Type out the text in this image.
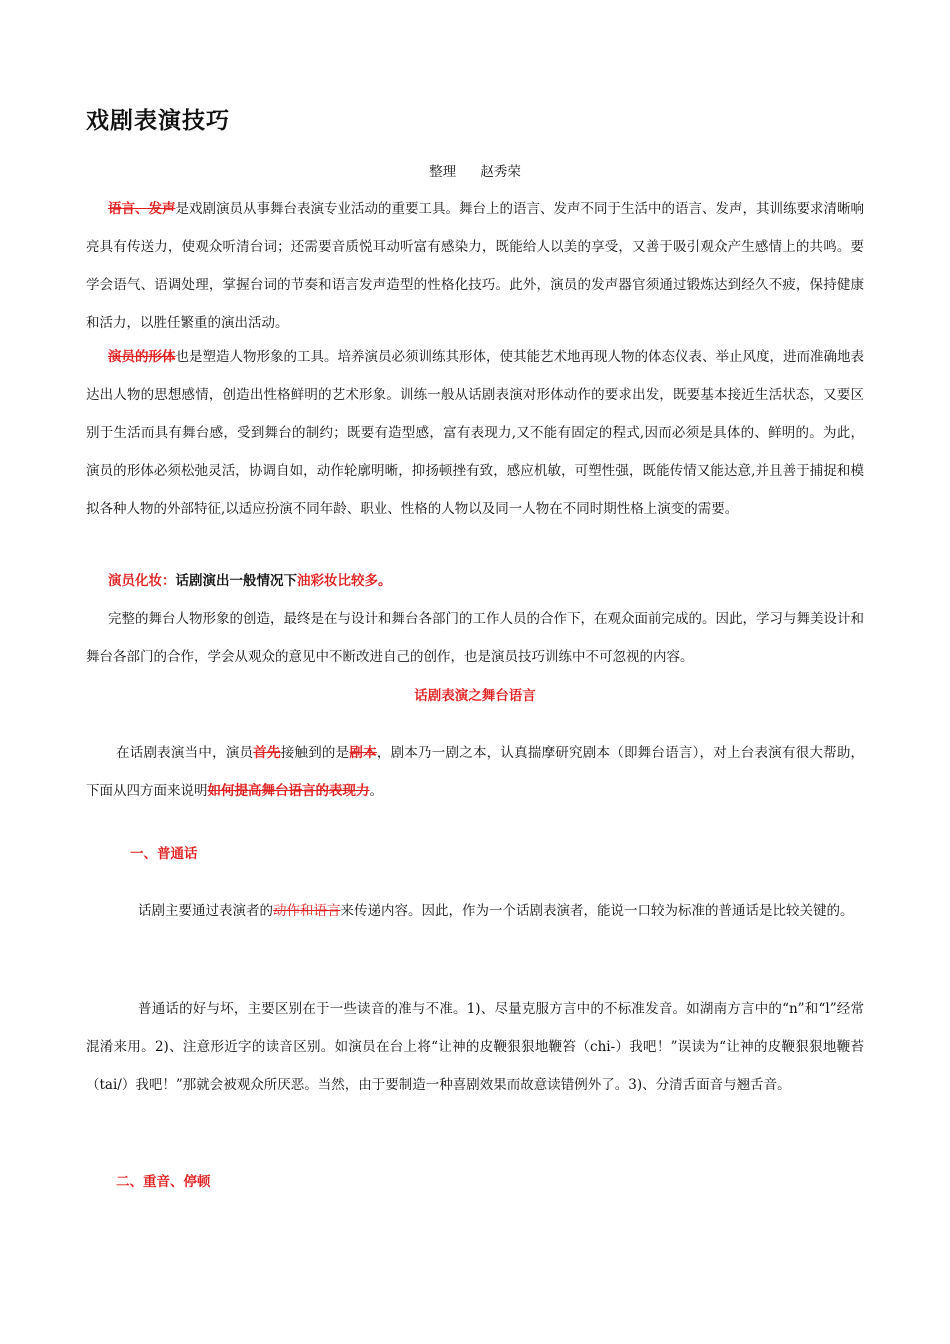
戏剧表演技巧
整理 赵秀荣
语言、发声是戏剧演员从事舞台表演专业活动的重要工具。舞台上的语言、发声不同于生活中的语言、发声，其训练要求清晰响亮具有传送力，使观众听清台词；还需要音质悦耳动听富有感染力，既能给人以美的享受，又善于吸引观众产生感情上的共鸣。要学会语气、语调处理，掌握台词的节奏和语言发声造型的性格化技巧。此外，演员的发声器官须通过锻炼达到经久不疲，保持健康和活力，以胜任繁重的演出活动。
演员的形体也是塑造人物形象的工具。培养演员必须训练其形体，使其能艺术地再现人物的体态仪表、举止风度，进而准确地表达出人物的思想感情，创造出性格鲜明的艺术形象。训练一般从话剧表演对形体动作的要求出发，既要基本接近生活状态，又要区别于生活而具有舞台感，受到舞台的制约；既要有造型感，富有表现力,又不能有固定的程式,因而必须是具体的、鲜明的。为此，演员的形体必须松弛灵活，协调自如，动作轮廓明晰，抑扬顿挫有致，感应机敏，可塑性强，既能传情又能达意,并且善于捕捉和模拟各种人物的外部特征,以适应扮演不同年龄、职业、性格的人物以及同一人物在不同时期性格上演变的需要。
演员化妆：话剧演出一般情况下油彩妆比较多。
完整的舞台人物形象的创造，最终是在与设计和舞台各部门的工作人员的合作下，在观众面前完成的。因此，学习与舞美设计和舞台各部门的合作，学会从观众的意见中不断改进自己的创作，也是演员技巧训练中不可忽视的内容。
话剧表演之舞台语言
在话剧表演当中，演员首先接触到的是剧本，剧本乃一剧之本，认真揣摩研究剧本（即舞台语言），对上台表演有很大帮助，下面从四方面来说明如何提高舞台语言的表现力。
一、普通话
话剧主要通过表演者的动作和语言来传递内容。因此，作为一个话剧表演者，能说一口较为标准的普通话是比较关键的。
普通话的好与坏，主要区别在于一些读音的准与不准。1)、尽量克服方言中的不标准发音。如湖南方言中的“n”和“l”经常混淆来用。2)、注意形近字的读音区别。如演员在台上将“让神的皮鞭狠狠地鞭笞（chi-）我吧！”误读为“让神的皮鞭狠狠地鞭苔（tai/）我吧！”那就会被观众所厌恶。当然，由于要制造一种喜剧效果而故意读错例外了。3)、分清舌面音与翘舌音。
二、重音、停顿
